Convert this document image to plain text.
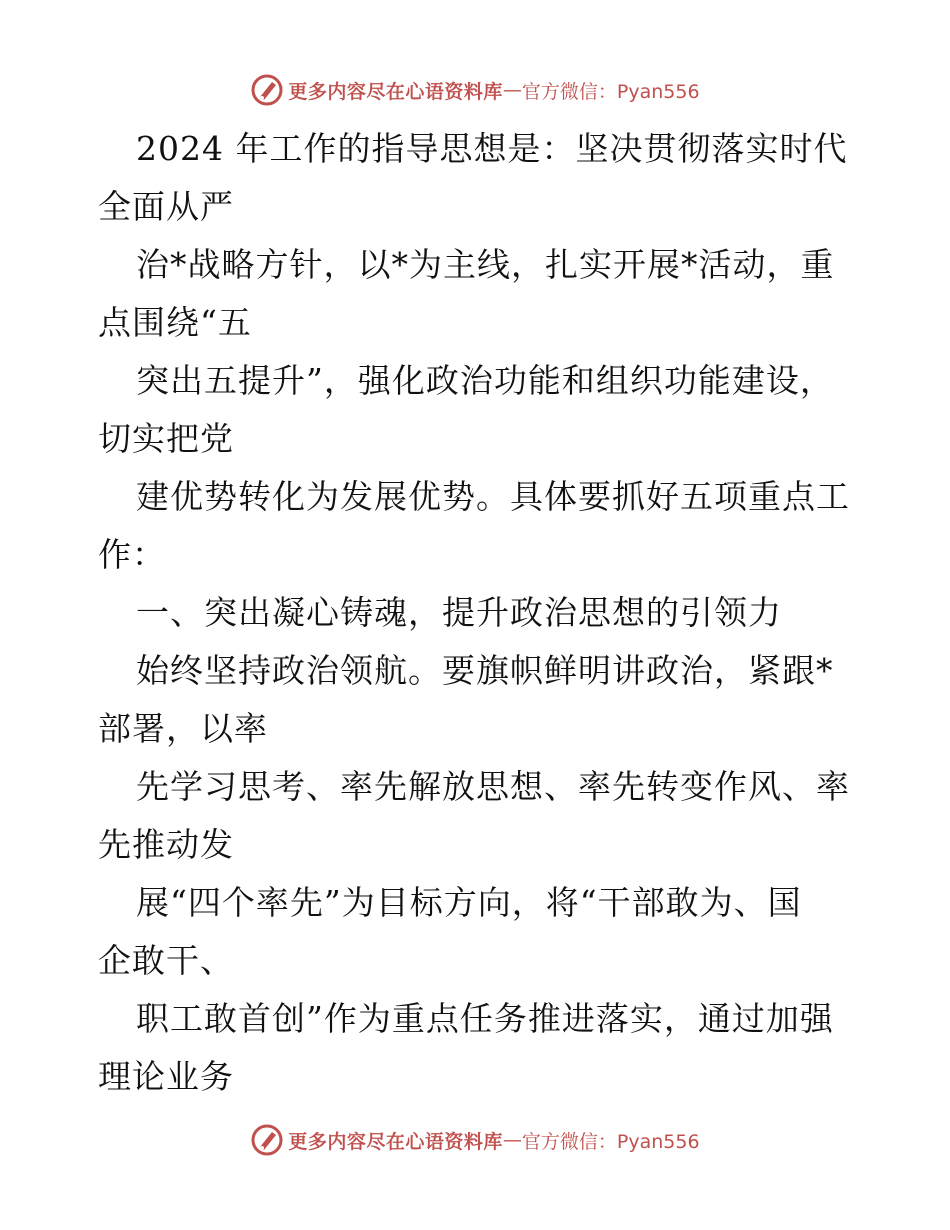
更多内容尽在心语资料库 — 官方微信：Pyan556
2024 年工作的指导思想是：坚决贯彻落实时代
全面从严
治*战略方针，以*为主线，扎实开展*活动，重
点围绕“五
突出五提升”，强化政治功能和组织功能建设，
切实把党
建优势转化为发展优势。具体要抓好五项重点工
作：
一、突出凝心铸魂，提升政治思想的引领力
始终坚持政治领航。要旗帜鲜明讲政治，紧跟*
部署，以率
先学习思考、率先解放思想、率先转变作风、率
先推动发
展“四个率先”为目标方向，将“干部敢为、国
企敢干、
职工敢首创”作为重点任务推进落实，通过加强
理论业务
更多内容尽在心语资料库 — 官方微信：Pyan556
